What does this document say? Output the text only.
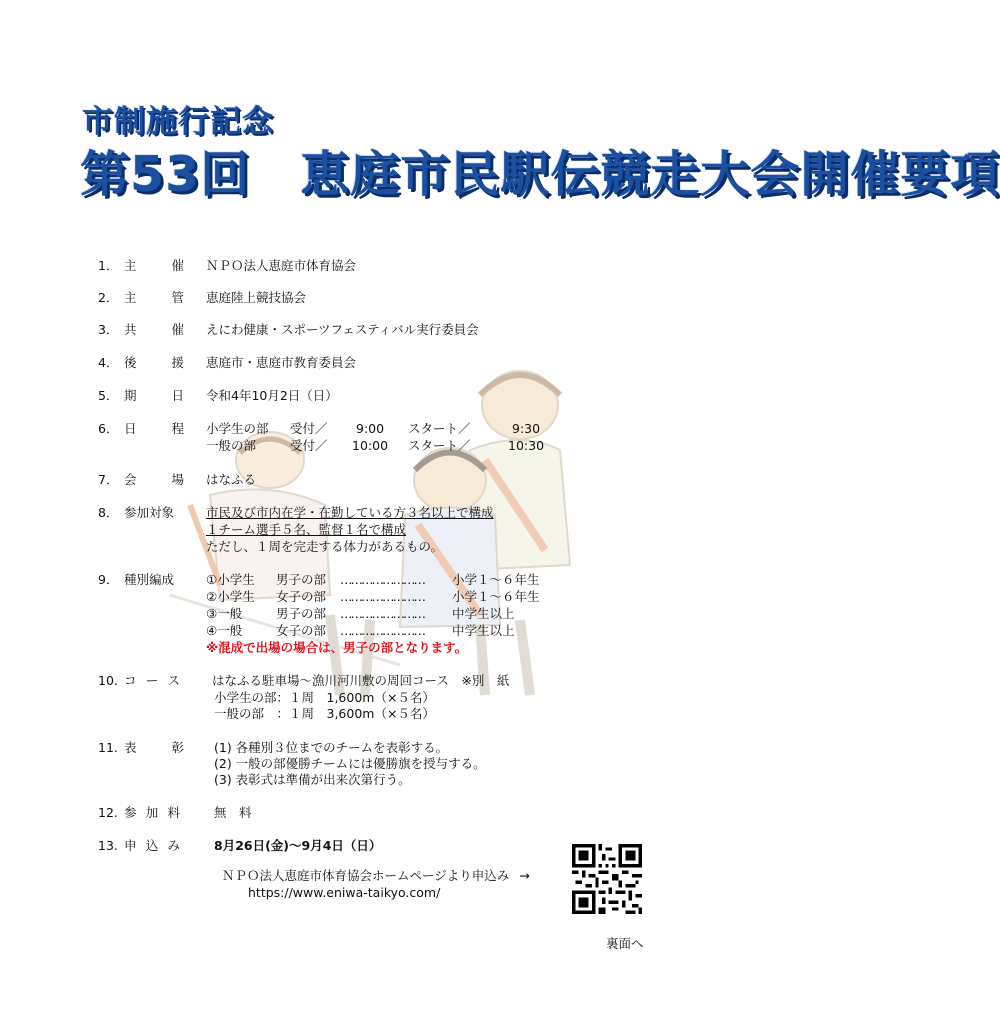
市制施行記念
第53回　恵庭市民駅伝競走大会開催要項
1． 主	催 ＮＰＯ法人恵庭市体育協会
2． 主	管 恵庭陸上競技協会
3． 共	催 えにわ健康・スポーツフェスティバル実行委員会
4． 後	援 恵庭市・恵庭市教育委員会
5． 期	日 令和4年10月2日（日）
6． 日	程 小学生の部 受付／ 9:00 スタート／	9:30
一般の部	受付／ 10:00 スタート／	10:30
7． 会	場 はなふる
8． 参加対象	市民及び市内在学・在勤している方３名以上で構成
１チーム選手５名、監督１名で構成
ただし、１周を完走する体力があるもの。
9． 種別編成	①小学生 男子の部 …………………… 小学１～６年生
②小学生 女子の部 …………………… 小学１～６年生
③一般	男子の部 …………………… 中学生以上
④一般	女子の部 …………………… 中学生以上
※混成で出場の場合は、男子の部となります。
10. コ ー ス	はなふる駐車場～漁川河川敷の周回コース　※別　紙
小学生の部：１周　1,600m（×５名）
一般の部　：１周　3,600m（×５名）
11. 表	彰 (1) 各種別３位までのチームを表彰する。
(2) 一般の部優勝チームには優勝旗を授与する。
(3) 表彰式は準備が出来次第行う。
12. 参 加 料	無　料
13. 申 込 み	8月26日(金)～9月4日（日）
ＮＰＯ法人恵庭市体育協会ホームページより申込み →
https://www.eniwa-taikyo.com/
裏面へ
